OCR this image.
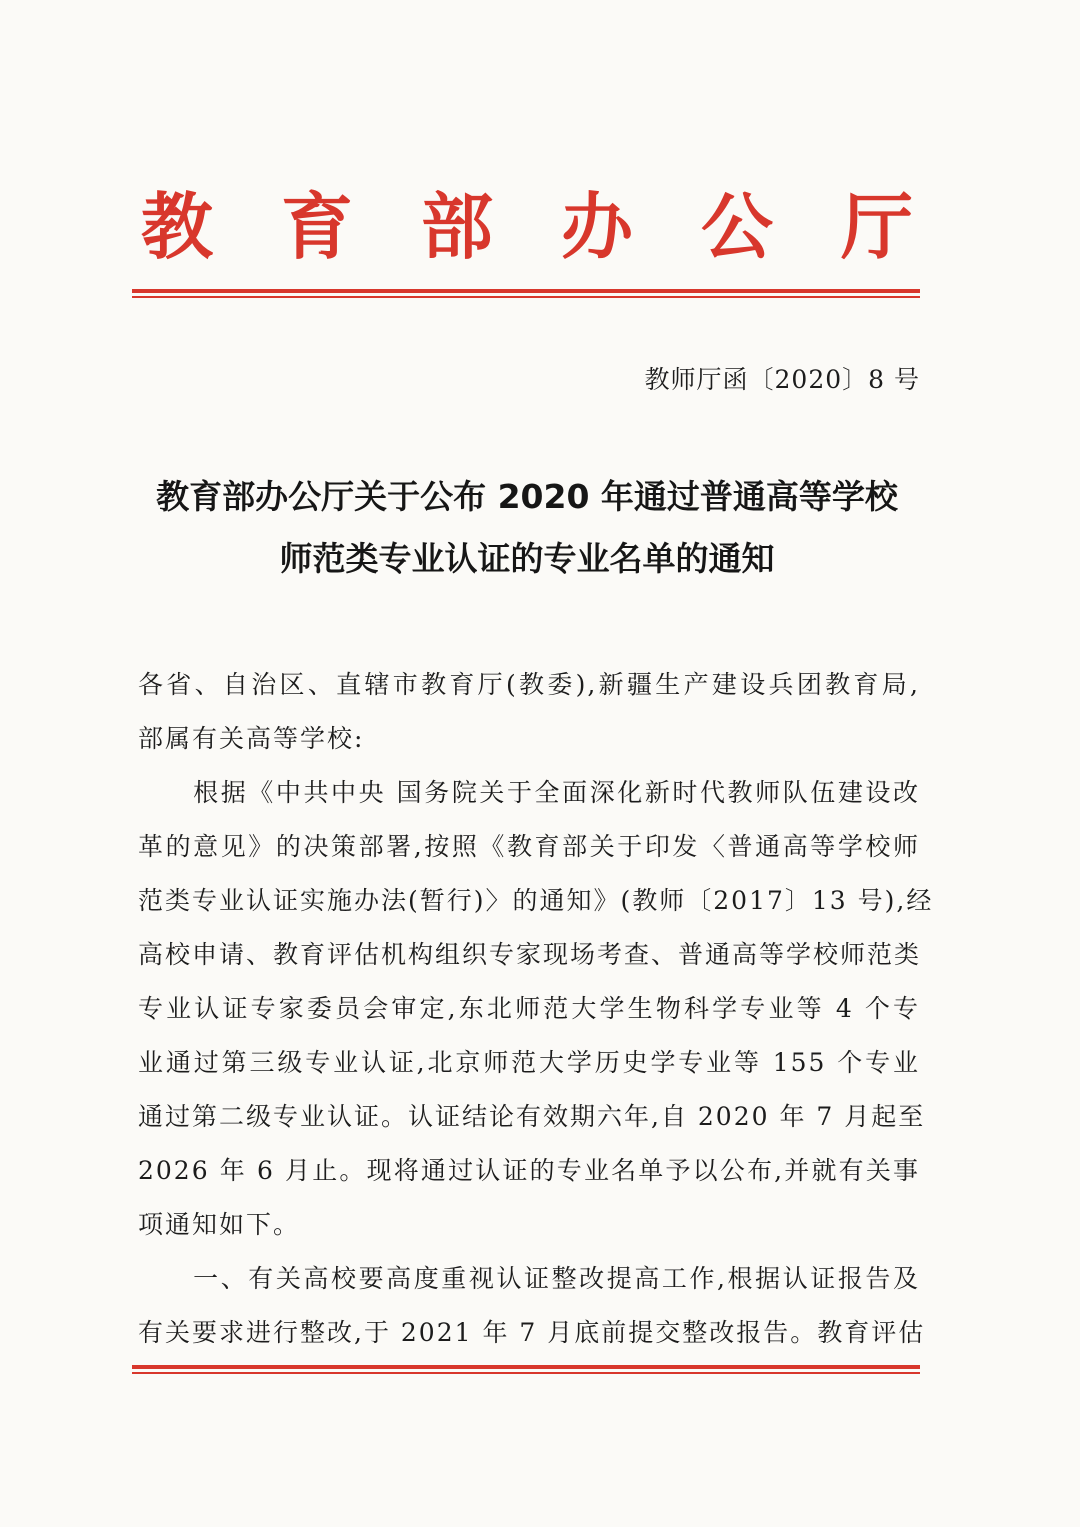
教 育 部 办 公 厅
教师厅函〔2020〕8 号
教育部办公厅关于公布 2020 年通过普通高等学校
师范类专业认证的专业名单的通知
各省、自治区、直辖市教育厅(教委),新疆生产建设兵团教育局,
部属有关高等学校:
　　根据《中共中央 国务院关于全面深化新时代教师队伍建设改
革的意见》的决策部署,按照《教育部关于印发〈普通高等学校师
范类专业认证实施办法(暂行)〉的通知》(教师〔2017〕13 号),经
高校申请、教育评估机构组织专家现场考查、普通高等学校师范类
专业认证专家委员会审定,东北师范大学生物科学专业等 4 个专
业通过第三级专业认证,北京师范大学历史学专业等 155 个专业
通过第二级专业认证。认证结论有效期六年,自 2020 年 7 月起至
2026 年 6 月止。现将通过认证的专业名单予以公布,并就有关事
项通知如下。
　　一、有关高校要高度重视认证整改提高工作,根据认证报告及
有关要求进行整改,于 2021 年 7 月底前提交整改报告。教育评估
